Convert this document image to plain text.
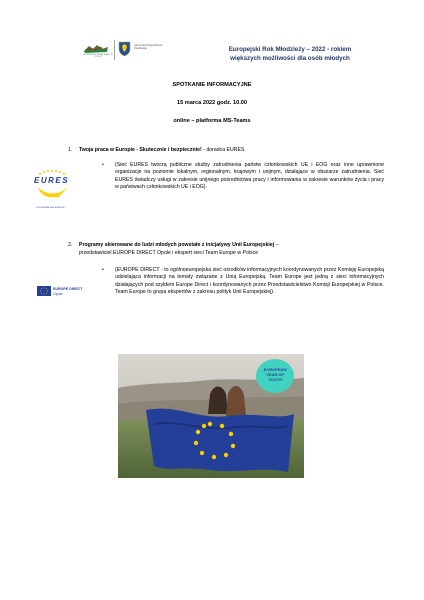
WOJEWÓDZKI URZĄD PRACY W OPOLU
Samorząd Województwa Opolskiego	Europejski Rok Młodzieży – 2022 - rokiem
większych możliwości dla osób młodych
SPOTKANIE INFORMACYJNE
15 marca 2022 godz. 10.00
online – platforma MS-Teams
1. Twoja praca w Europie - Skutecznie i bezpiecznie! - doradca EURES
EURES
TWOJA PRACA W EUROPIE
• (Sieć EURES tworzą publiczne służby zatrudnienia państw członkowskich UE i EOG oraz inne uprawnione organizacje na poziomie lokalnym, regionalnym, krajowym i unijnym, działające w obszarze zatrudnienia. Sieć EURES świadczy usługi w zakresie unijnego pośrednictwa pracy i informowania w zakresie warunków życia i pracy w państwach członkowskich UE i EOG).
2. Programy skierowane do ludzi młodych powstałe z inicjatywy Unii Europejskiej –
przedstawiciel EUROPE DIRECT Opole i ekspert sieci Team Europe w Polsce
EUROPE DIRECT
Opole
• (EUROPE DIRECT - to ogólnoeuropejska sieć ośrodków informacyjnych koordynowanych przez Komisję Europejską udzielająca informacji na tematy związane z Unią Europejską. Team Europe jest jedną z sieci informacyjnych działających pod szyldem Europe Direct i koordynowanych przez Przedstawicielstwo Komisji Europejskiej w Polsce. Team Europe to grupa ekspertów z zakresu polityk Unii Europejskiej).
EUROPEAN
YEAR OF
YOUTH
